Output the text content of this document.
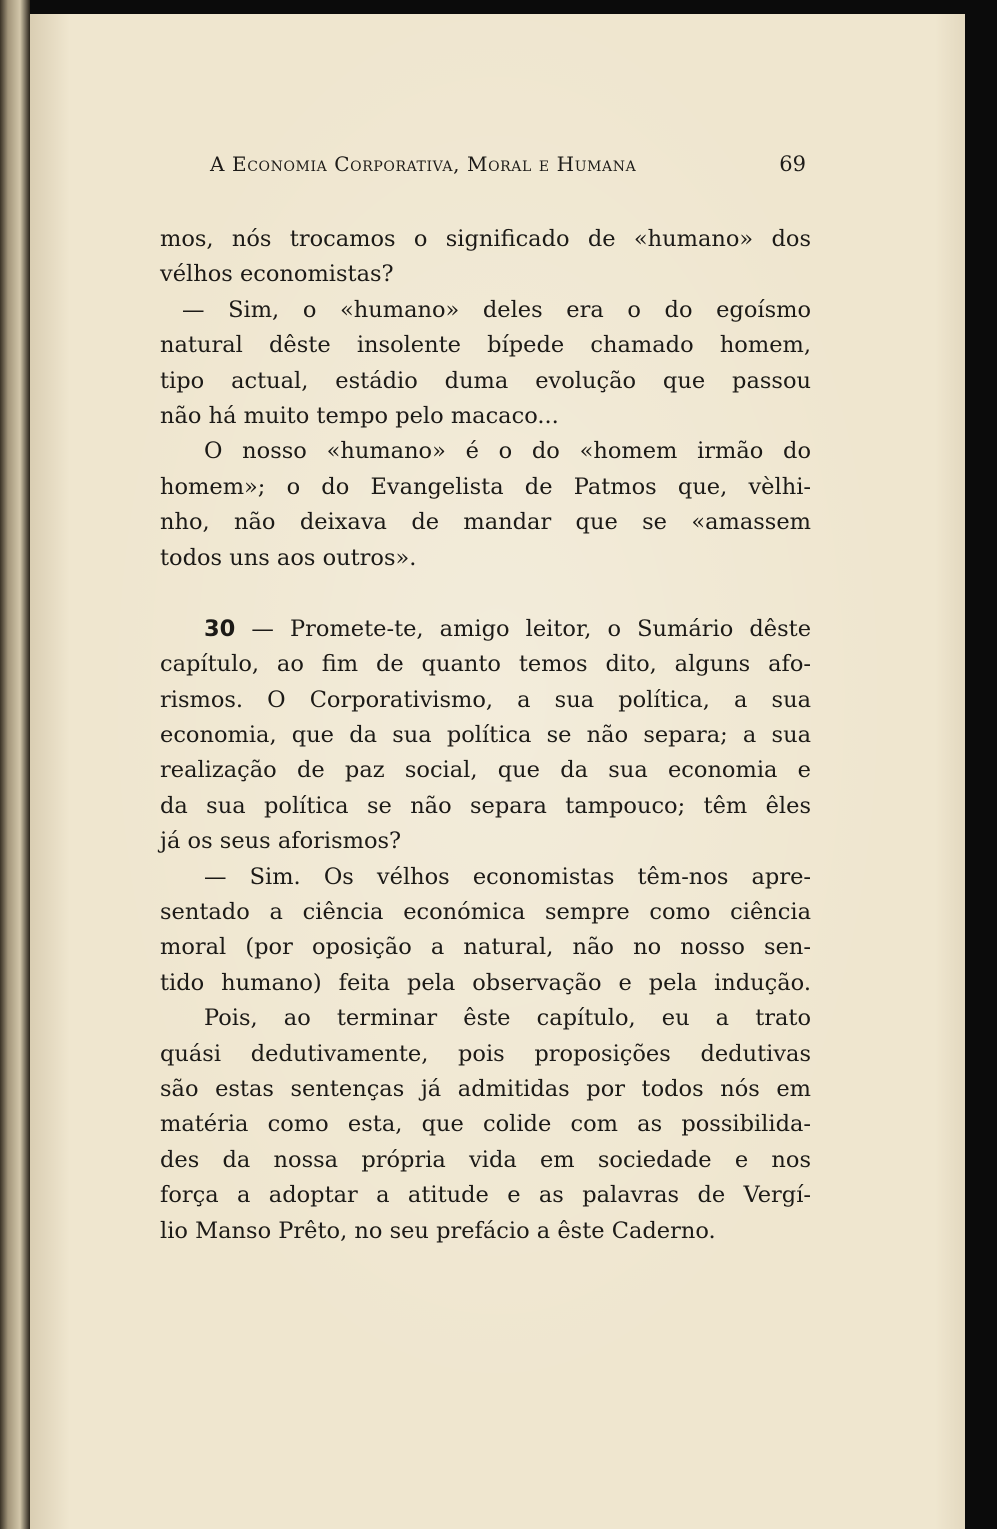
A Economia Corporativa, Moral e Humana	69
mos, nós trocamos o significado de «humano» dos
vélhos economistas?
— Sim, o «humano» deles era o do egoísmo
natural dêste insolente bípede chamado homem,
tipo actual, estádio duma evolução que passou
não há muito tempo pelo macaco...
O nosso «humano» é o do «homem irmão do
homem»; o do Evangelista de Patmos que, vèlhi-
nho, não deixava de mandar que se «amassem
todos uns aos outros».
30 — Promete-te, amigo leitor, o Sumário dêste
capítulo, ao fim de quanto temos dito, alguns afo-
rismos. O Corporativismo, a sua política, a sua
economia, que da sua política se não separa; a sua
realização de paz social, que da sua economia e
da sua política se não separa tampouco; têm êles
já os seus aforismos?
— Sim. Os vélhos economistas têm-nos apre-
sentado a ciência económica sempre como ciência
moral (por oposição a natural, não no nosso sen-
tido humano) feita pela observação e pela indução.
Pois, ao terminar êste capítulo, eu a trato
quási dedutivamente, pois proposições dedutivas
são estas sentenças já admitidas por todos nós em
matéria como esta, que colide com as possibilida-
des da nossa própria vida em sociedade e nos
força a adoptar a atitude e as palavras de Vergí-
lio Manso Prêto, no seu prefácio a êste Caderno.
